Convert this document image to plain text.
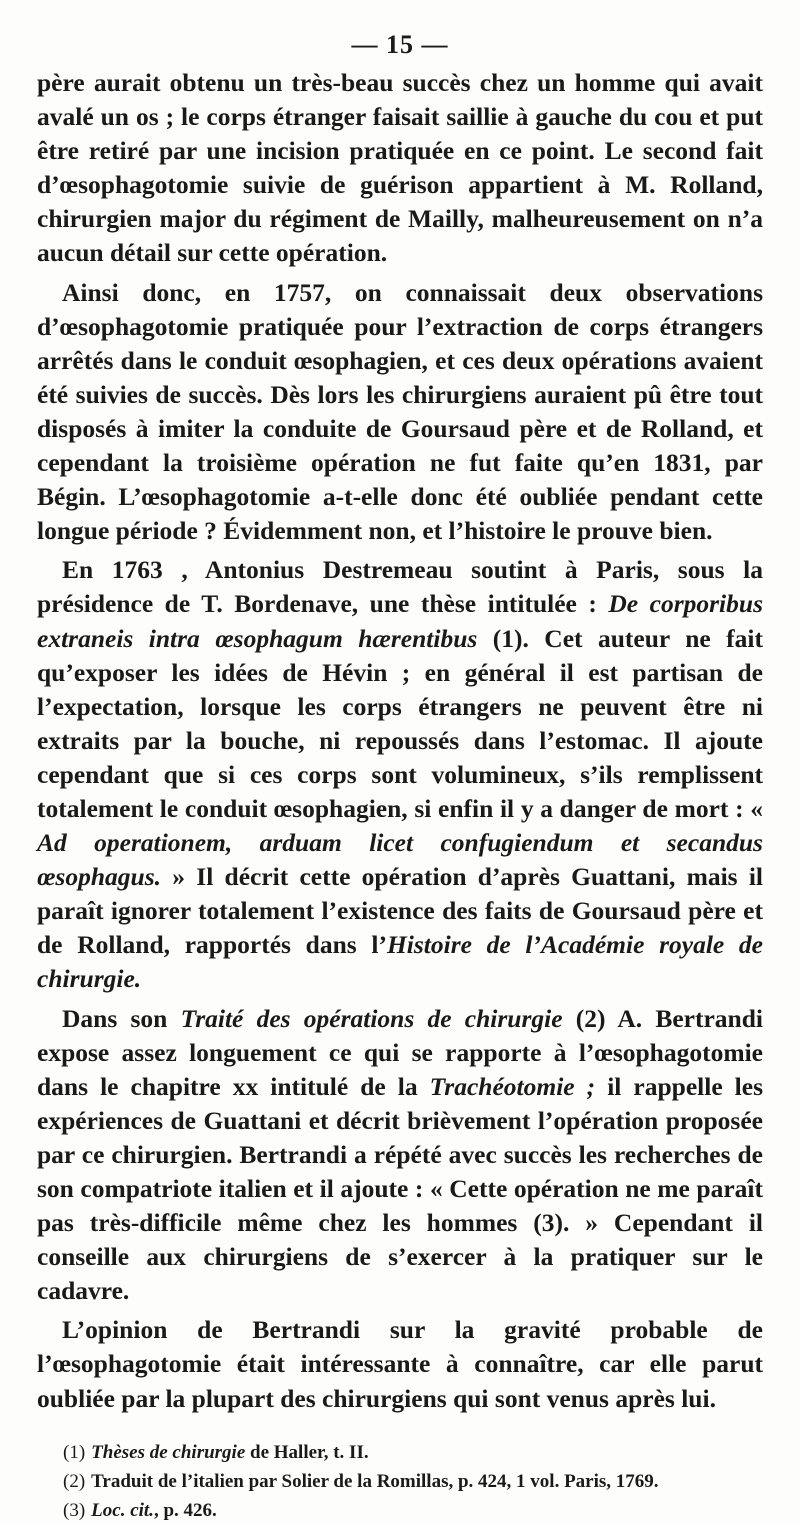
— 15 —

père aurait obtenu un très-beau succès chez un homme qui avait avalé un os ; le corps étranger faisait saillie à gauche du cou et put être retiré par une incision pratiquée en ce point. Le second fait d’œsophagotomie suivie de guérison appartient à M. Rolland, chirurgien major du régiment de Mailly, malheureusement on n’a aucun détail sur cette opération.

Ainsi donc, en 1757, on connaissait deux observations d’œsophagotomie pratiquée pour l’extraction de corps étrangers arrêtés dans le conduit œsophagien, et ces deux opérations avaient été suivies de succès. Dès lors les chirurgiens auraient pû être tout disposés à imiter la conduite de Goursaud père et de Rolland, et cependant la troisième opération ne fut faite qu’en 1831, par Bégin. L’œsophagotomie a-t-elle donc été oubliée pendant cette longue période ? Évidemment non, et l’histoire le prouve bien.

En 1763 , Antonius Destremeau soutint à Paris, sous la présidence de T. Bordenave, une thèse intitulée : De corporibus extraneis intra œsophagum hærentibus (1). Cet auteur ne fait qu’exposer les idées de Hévin ; en général il est partisan de l’expectation, lorsque les corps étrangers ne peuvent être ni extraits par la bouche, ni repoussés dans l’estomac. Il ajoute cependant que si ces corps sont volumineux, s’ils remplissent totalement le conduit œsophagien, si enfin il y a danger de mort : « Ad operationem, arduam licet confugiendum et secandus œsophagus. » Il décrit cette opération d’après Guattani, mais il paraît ignorer totalement l’existence des faits de Goursaud père et de Rolland, rapportés dans l’Histoire de l’Académie royale de chirurgie.

Dans son Traité des opérations de chirurgie (2) A. Bertrandi expose assez longuement ce qui se rapporte à l’œsophagotomie dans le chapitre xx intitulé de la Trachéotomie ; il rappelle les expériences de Guattani et décrit brièvement l’opération proposée par ce chirurgien. Bertrandi a répété avec succès les recherches de son compatriote italien et il ajoute : « Cette opération ne me paraît pas très-difficile même chez les hommes (3). » Cependant il conseille aux chirurgiens de s’exercer à la pratiquer sur le cadavre.

L’opinion de Bertrandi sur la gravité probable de l’œsophagotomie était intéressante à connaître, car elle parut oubliée par la plupart des chirurgiens qui sont venus après lui.

(1) Thèses de chirurgie de Haller, t. II.
(2) Traduit de l’italien par Solier de la Romillas, p. 424, 1 vol. Paris, 1769.
(3) Loc. cit., p. 426.
